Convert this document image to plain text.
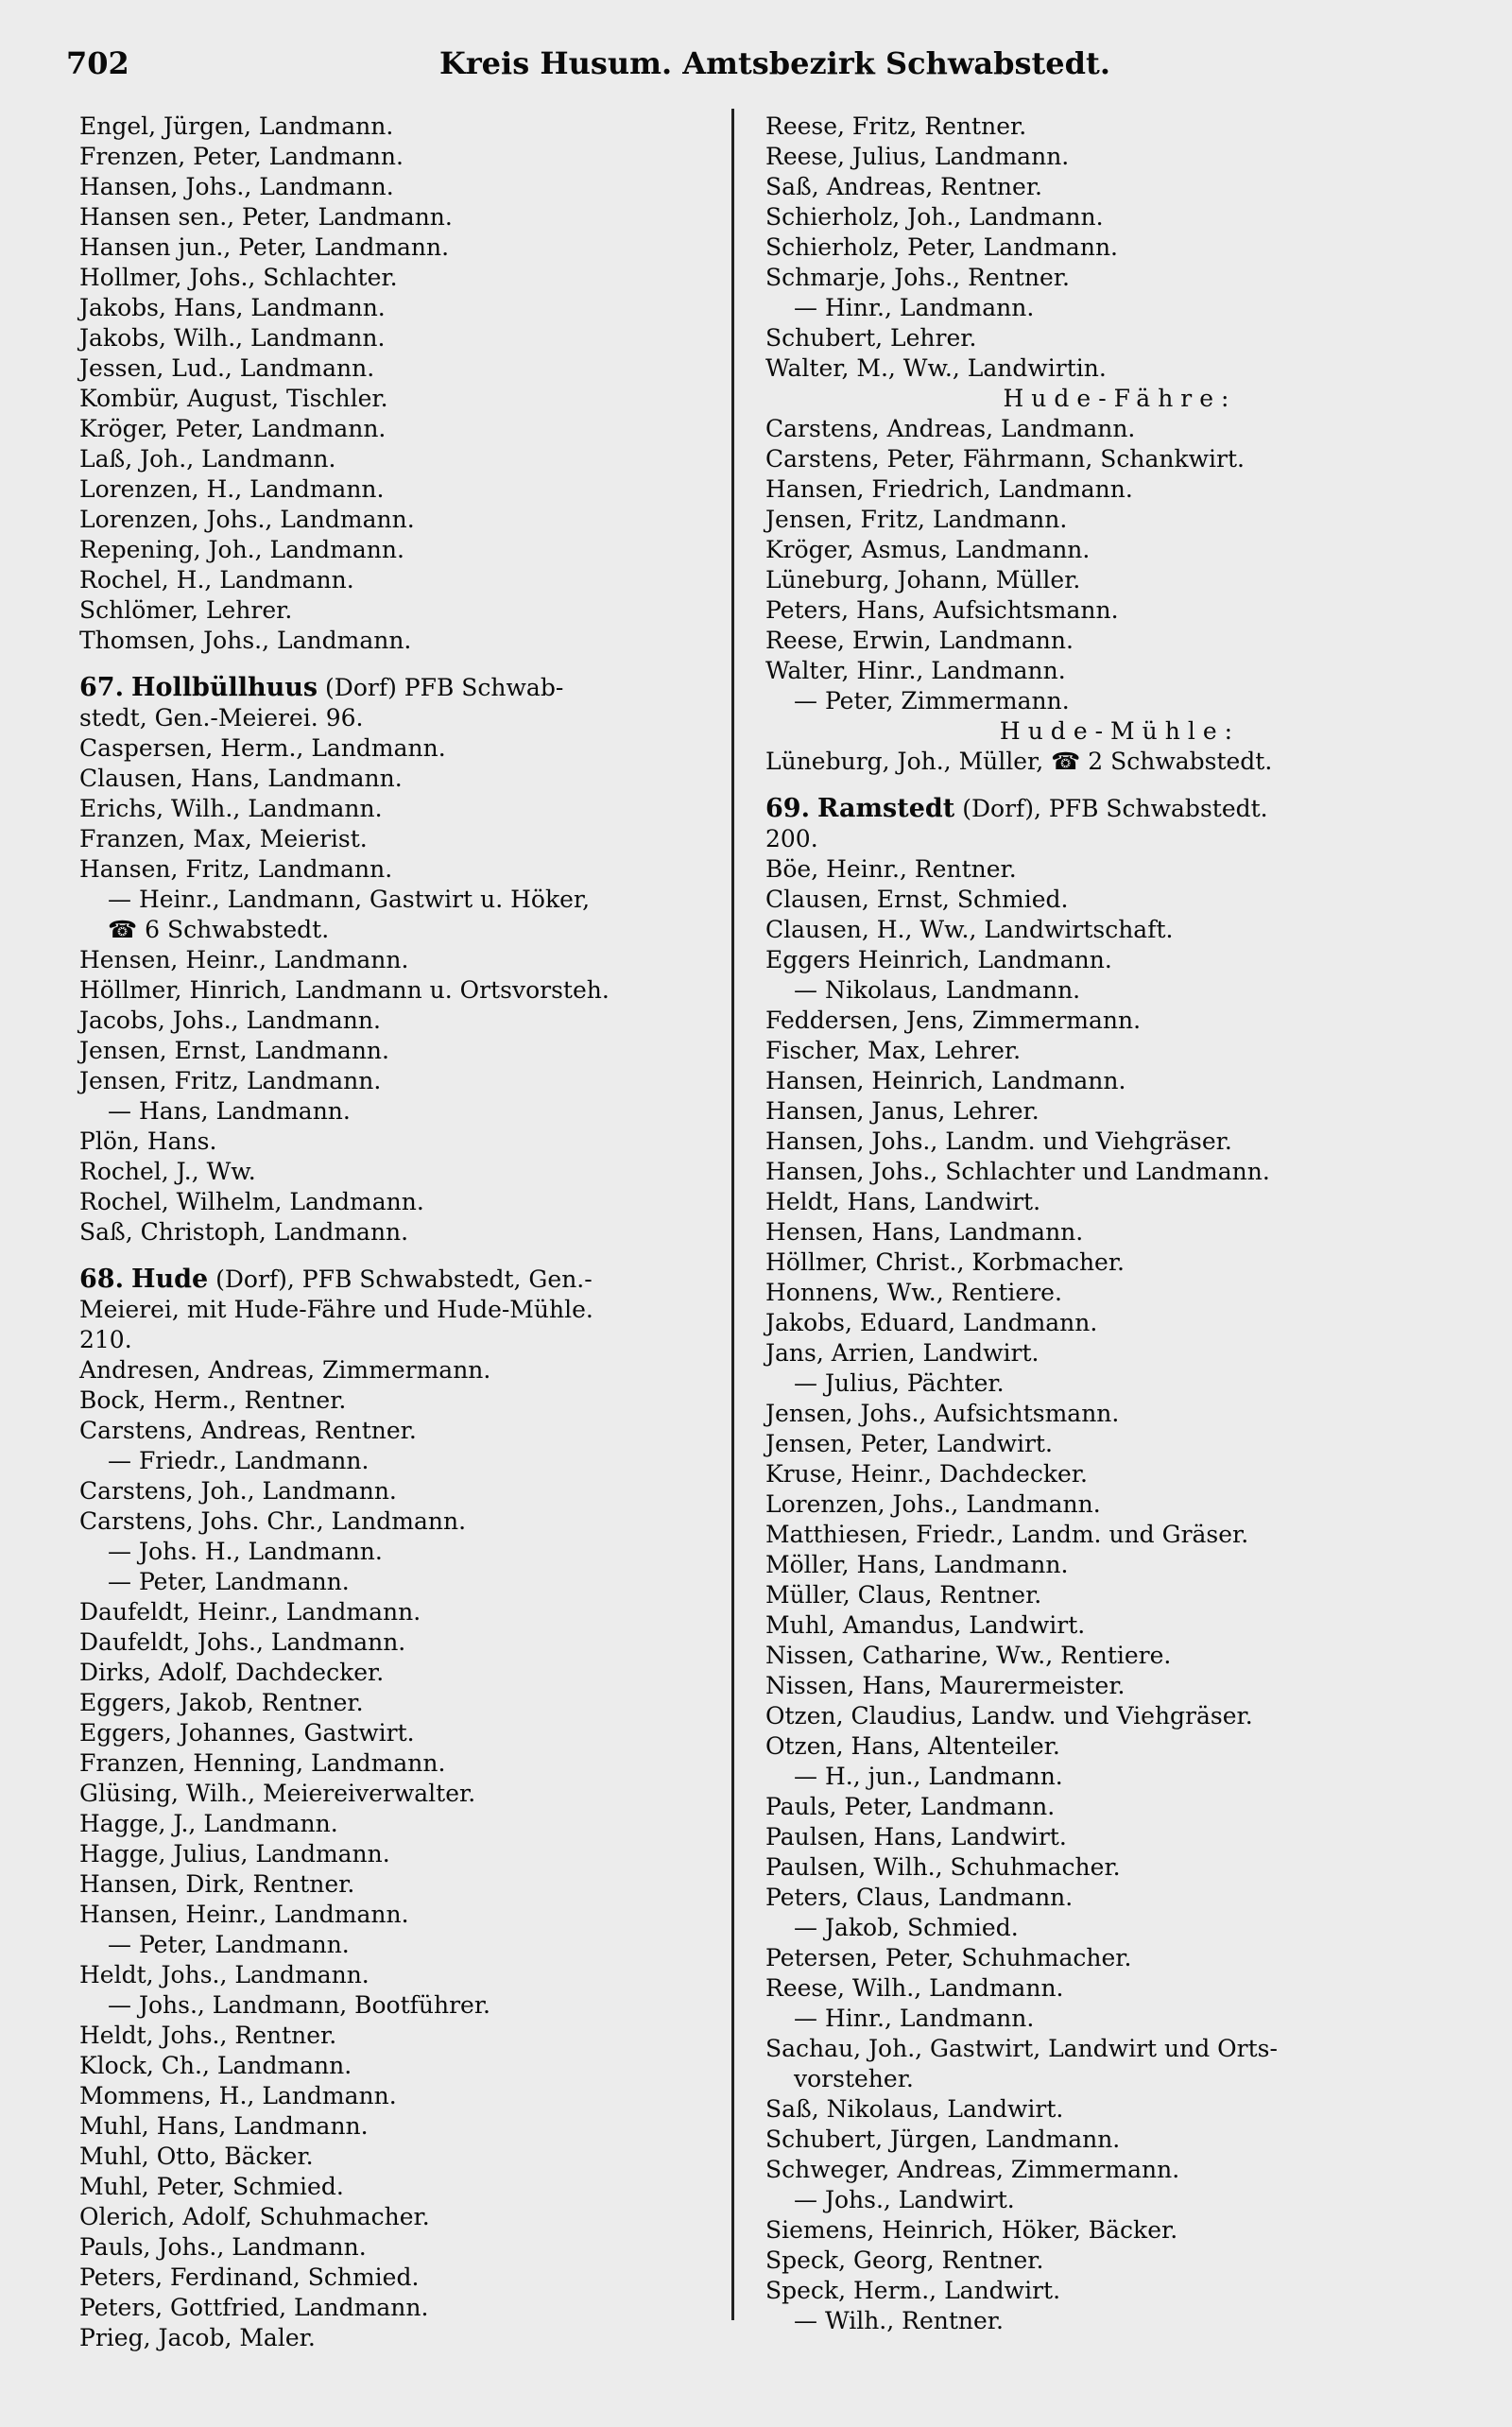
702	Kreis Husum. Amtsbezirk Schwabstedt.
Engel, Jürgen, Landmann.
Frenzen, Peter, Landmann.
Hansen, Johs., Landmann.
Hansen sen., Peter, Landmann.
Hansen jun., Peter, Landmann.
Hollmer, Johs., Schlachter.
Jakobs, Hans, Landmann.
Jakobs, Wilh., Landmann.
Jessen, Lud., Landmann.
Kombür, August, Tischler.
Kröger, Peter, Landmann.
Laß, Joh., Landmann.
Lorenzen, H., Landmann.
Lorenzen, Johs., Landmann.
Repening, Joh., Landmann.
Rochel, H., Landmann.
Schlömer, Lehrer.
Thomsen, Johs., Landmann.
67. Hollbüllhuus (Dorf) PFB Schwab-
stedt, Gen.-Meierei. 96.
Caspersen, Herm., Landmann.
Clausen, Hans, Landmann.
Erichs, Wilh., Landmann.
Franzen, Max, Meierist.
Hansen, Fritz, Landmann.
— Heinr., Landmann, Gastwirt u. Höker,
☎ 6 Schwabstedt.
Hensen, Heinr., Landmann.
Höllmer, Hinrich, Landmann u. Ortsvorsteh.
Jacobs, Johs., Landmann.
Jensen, Ernst, Landmann.
Jensen, Fritz, Landmann.
— Hans, Landmann.
Plön, Hans.
Rochel, J., Ww.
Rochel, Wilhelm, Landmann.
Saß, Christoph, Landmann.
68. Hude (Dorf), PFB Schwabstedt, Gen.-
Meierei, mit Hude-Fähre und Hude-Mühle.
210.
Andresen, Andreas, Zimmermann.
Bock, Herm., Rentner.
Carstens, Andreas, Rentner.
— Friedr., Landmann.
Carstens, Joh., Landmann.
Carstens, Johs. Chr., Landmann.
— Johs. H., Landmann.
— Peter, Landmann.
Daufeldt, Heinr., Landmann.
Daufeldt, Johs., Landmann.
Dirks, Adolf, Dachdecker.
Eggers, Jakob, Rentner.
Eggers, Johannes, Gastwirt.
Franzen, Henning, Landmann.
Glüsing, Wilh., Meiereiverwalter.
Hagge, J., Landmann.
Hagge, Julius, Landmann.
Hansen, Dirk, Rentner.
Hansen, Heinr., Landmann.
— Peter, Landmann.
Heldt, Johs., Landmann.
— Johs., Landmann, Bootführer.
Heldt, Johs., Rentner.
Klock, Ch., Landmann.
Mommens, H., Landmann.
Muhl, Hans, Landmann.
Muhl, Otto, Bäcker.
Muhl, Peter, Schmied.
Olerich, Adolf, Schuhmacher.
Pauls, Johs., Landmann.
Peters, Ferdinand, Schmied.
Peters, Gottfried, Landmann.
Prieg, Jacob, Maler.
Reese, Fritz, Rentner.
Reese, Julius, Landmann.
Saß, Andreas, Rentner.
Schierholz, Joh., Landmann.
Schierholz, Peter, Landmann.
Schmarje, Johs., Rentner.
— Hinr., Landmann.
Schubert, Lehrer.
Walter, M., Ww., Landwirtin.
Hude-Fähre:
Carstens, Andreas, Landmann.
Carstens, Peter, Fährmann, Schankwirt.
Hansen, Friedrich, Landmann.
Jensen, Fritz, Landmann.
Kröger, Asmus, Landmann.
Lüneburg, Johann, Müller.
Peters, Hans, Aufsichtsmann.
Reese, Erwin, Landmann.
Walter, Hinr., Landmann.
— Peter, Zimmermann.
Hude-Mühle:
Lüneburg, Joh., Müller, ☎ 2 Schwabstedt.
69. Ramstedt (Dorf), PFB Schwabstedt.
200.
Böe, Heinr., Rentner.
Clausen, Ernst, Schmied.
Clausen, H., Ww., Landwirtschaft.
Eggers Heinrich, Landmann.
— Nikolaus, Landmann.
Feddersen, Jens, Zimmermann.
Fischer, Max, Lehrer.
Hansen, Heinrich, Landmann.
Hansen, Janus, Lehrer.
Hansen, Johs., Landm. und Viehgräser.
Hansen, Johs., Schlachter und Landmann.
Heldt, Hans, Landwirt.
Hensen, Hans, Landmann.
Höllmer, Christ., Korbmacher.
Honnens, Ww., Rentiere.
Jakobs, Eduard, Landmann.
Jans, Arrien, Landwirt.
— Julius, Pächter.
Jensen, Johs., Aufsichtsmann.
Jensen, Peter, Landwirt.
Kruse, Heinr., Dachdecker.
Lorenzen, Johs., Landmann.
Matthiesen, Friedr., Landm. und Gräser.
Möller, Hans, Landmann.
Müller, Claus, Rentner.
Muhl, Amandus, Landwirt.
Nissen, Catharine, Ww., Rentiere.
Nissen, Hans, Maurermeister.
Otzen, Claudius, Landw. und Viehgräser.
Otzen, Hans, Altenteiler.
— H., jun., Landmann.
Pauls, Peter, Landmann.
Paulsen, Hans, Landwirt.
Paulsen, Wilh., Schuhmacher.
Peters, Claus, Landmann.
— Jakob, Schmied.
Petersen, Peter, Schuhmacher.
Reese, Wilh., Landmann.
— Hinr., Landmann.
Sachau, Joh., Gastwirt, Landwirt und Orts-
vorsteher.
Saß, Nikolaus, Landwirt.
Schubert, Jürgen, Landmann.
Schweger, Andreas, Zimmermann.
— Johs., Landwirt.
Siemens, Heinrich, Höker, Bäcker.
Speck, Georg, Rentner.
Speck, Herm., Landwirt.
— Wilh., Rentner.
